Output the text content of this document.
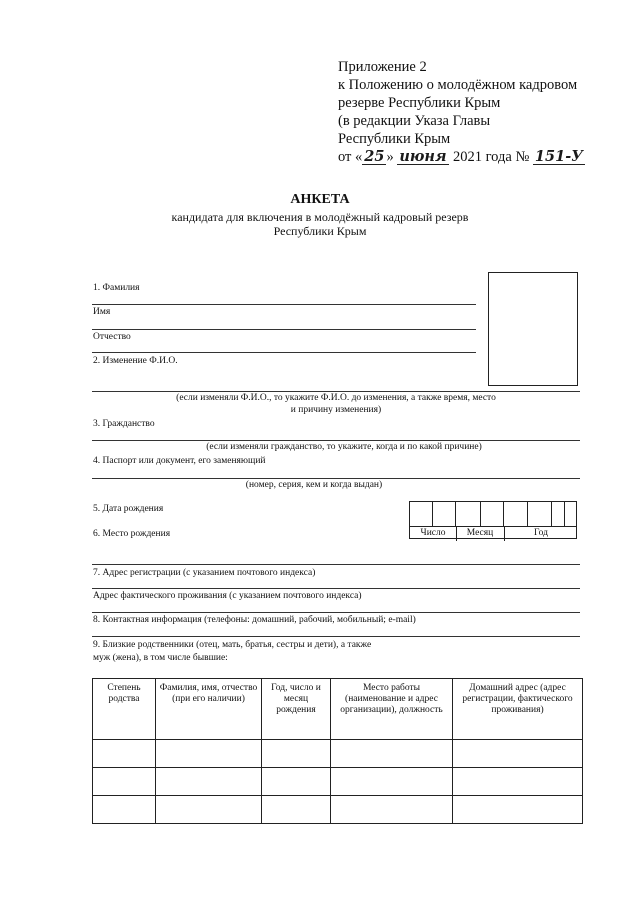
Приложение 2
к Положению о молодёжном кадровом
резерве Республики Крым
(в редакции Указа Главы
Республики Крым
от « 25 » июня 2021 года № 151-У
АНКЕТА
кандидата для включения в молодёжный кадровый резерв
Республики Крым
1. Фамилия
Имя
Отчество
2. Изменение Ф.И.О.
(если изменяли Ф.И.О., то укажите Ф.И.О. до изменения, а также время, место
и причину изменения)
3. Гражданство
(если изменяли гражданство, то укажите, когда и по какой причине)
4. Паспорт или документ, его заменяющий
(номер, серия, кем и когда выдан)
5. Дата рождения
6. Место рождения	Число	Месяц	Год
7. Адрес регистрации (с указанием почтового индекса)
Адрес фактического проживания (с указанием почтового индекса)
8. Контактная информация (телефоны: домашний, рабочий, мобильный; e-mail)
9. Близкие родственники (отец, мать, братья, сестры и дети), а также
муж (жена), в том числе бывшие:
Степень родства	Фамилия, имя, отчество (при его наличии)	Год, число и месяц рождения	Место работы (наименование и адрес организации), должность	Домашний адрес (адрес регистрации, фактического проживания)
